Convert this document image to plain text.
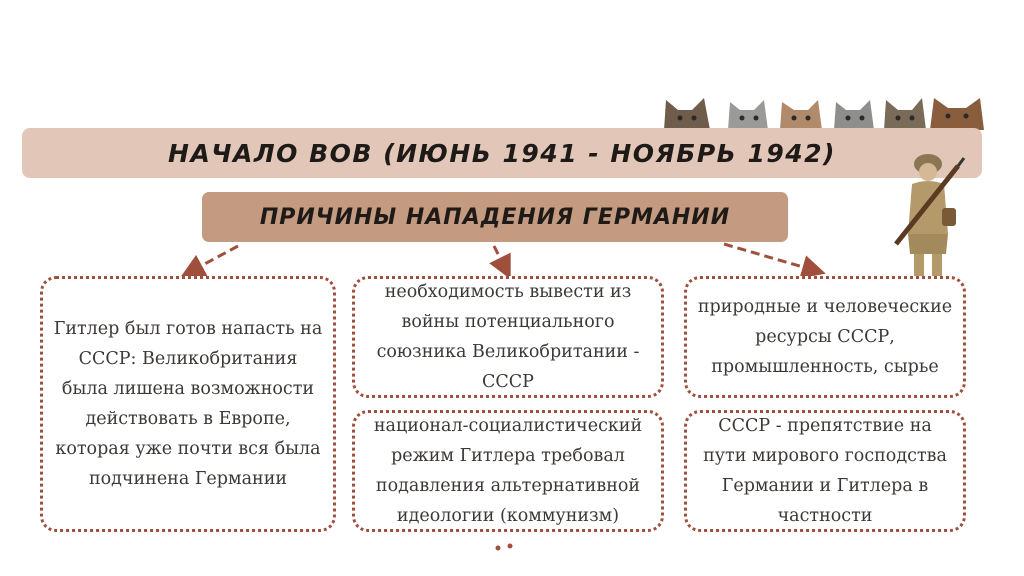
НАЧАЛО ВОВ (ИЮНЬ 1941 - НОЯБРЬ 1942)
ПРИЧИНЫ НАПАДЕНИЯ ГЕРМАНИИ
Гитлер был готов напасть на СССР: Великобритания была лишена возможности действовать в Европе, которая уже почти вся была подчинена Германии
необходимость вывести из войны потенциального союзника Великобритании - СССР
национал-социалистический режим Гитлера требовал подавления альтернативной идеологии (коммунизм)
природные и человеческие ресурсы СССР, промышленность, сырье
СССР - препятствие на пути мирового господства Германии и Гитлера в частности
